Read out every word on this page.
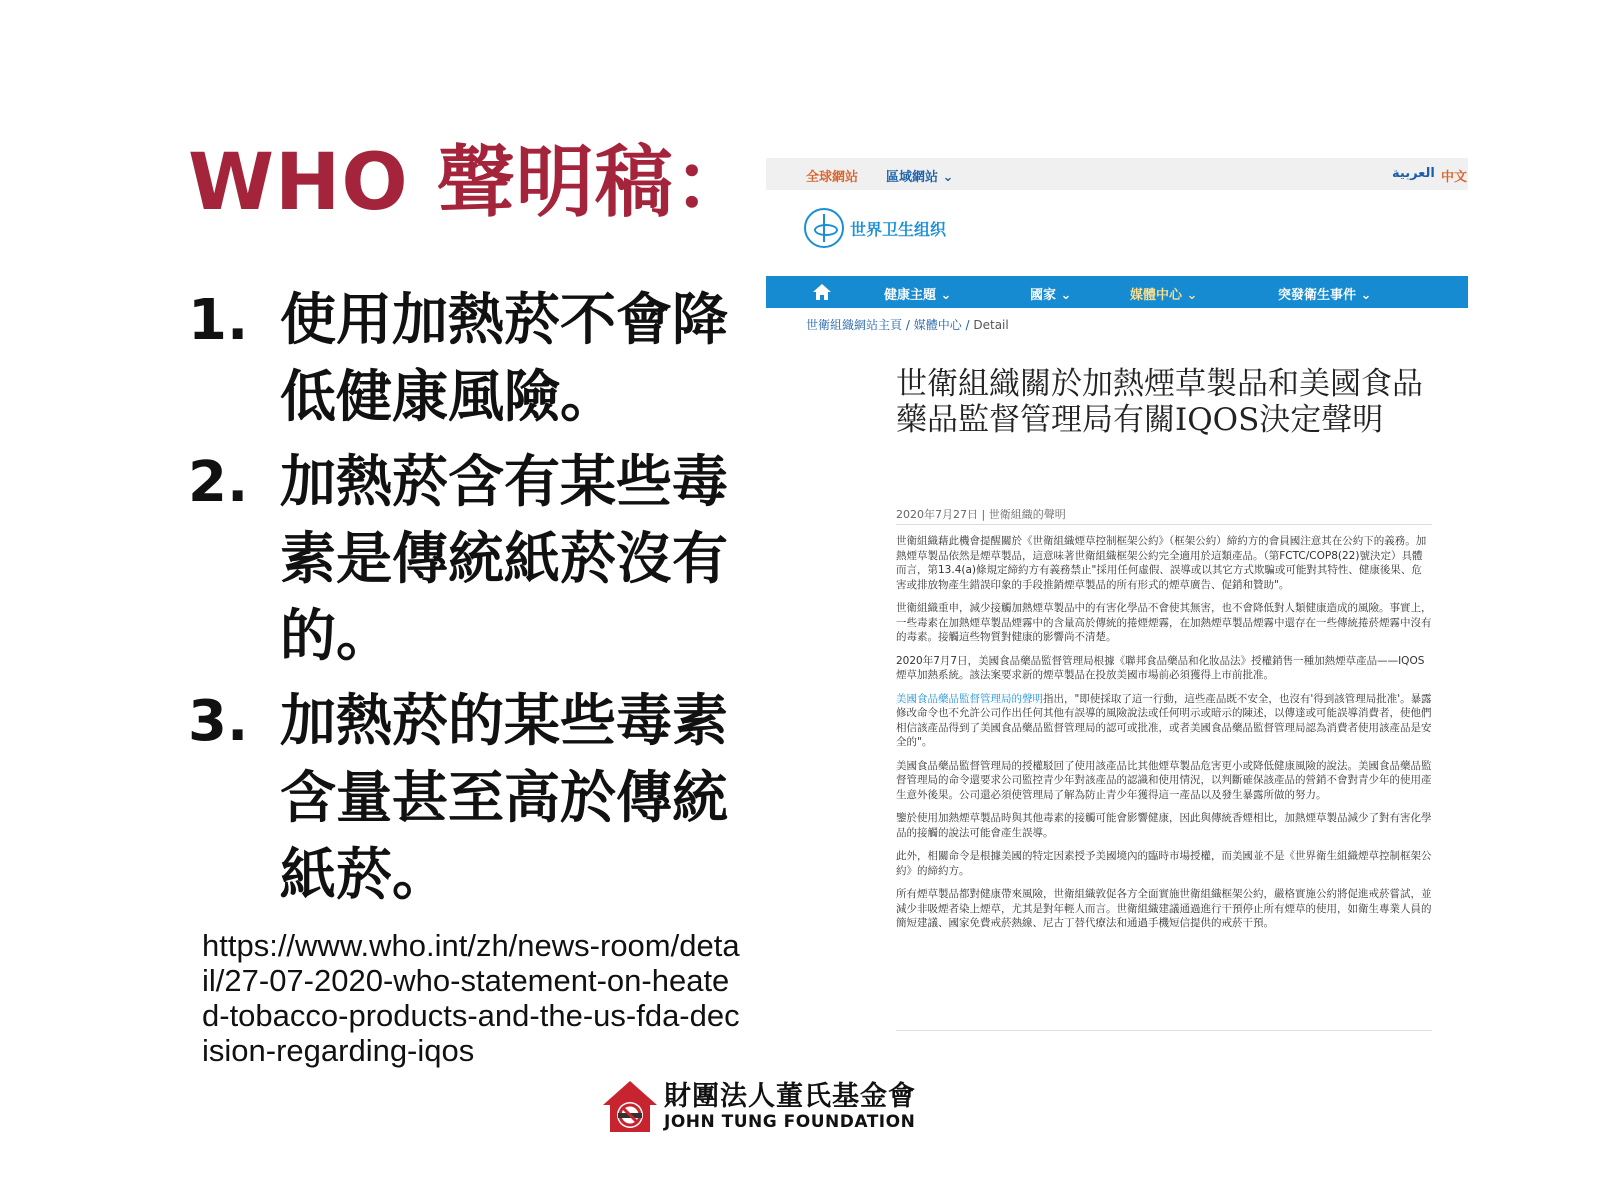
WHO 聲明稿：
1. 使用加熱菸不會降低健康風險。
2. 加熱菸含有某些毒素是傳統紙菸沒有的。
3. 加熱菸的某些毒素含量甚至高於傳統紙菸。
https://www.who.int/zh/news-room/detail/27-07-2020-who-statement-on-heated-tobacco-products-and-the-us-fda-decision-regarding-iqos
全球網站 區域網站 ⌄	العربية 中文
世界卫生组织
健康主題 ⌄	國家 ⌄	媒體中心 ⌄	突發衛生事件 ⌄
世衛組織網站主頁 / 媒體中心 / Detail
世衛組織關於加熱煙草製品和美國食品藥品監督管理局有關IQOS決定聲明
2020年7月27日 | 世衛組織的聲明

世衛組織藉此機會提醒關於《世衛組織煙草控制框架公約》（框架公約）締約方的會員國注意其在公約下的義務。加熱煙草製品依然是煙草製品，這意味著世衛組織框架公約完全適用於這類產品。（第FCTC/COP8(22)號決定）具體而言，第13.4(a)條規定締約方有義務禁止"採用任何虛假、誤導或以其它方式欺騙或可能對其特性、健康後果、危害或排放物產生錯誤印象的手段推銷煙草製品的所有形式的煙草廣告、促銷和贊助"。

世衛組織重申，減少接觸加熱煙草製品中的有害化學品不會使其無害，也不會降低對人類健康造成的風險。事實上，一些毒素在加熱煙草製品煙霧中的含量高於傳統的捲煙煙霧，在加熱煙草製品煙霧中還存在一些傳統捲菸煙霧中沒有的毒素。接觸這些物質對健康的影響尚不清楚。

2020年7月7日，美國食品藥品監督管理局根據《聯邦食品藥品和化妝品法》授權銷售一種加熱煙草產品——IQOS煙草加熱系統。該法案要求新的煙草製品在投放美國市場前必須獲得上市前批准。

美國食品藥品監督管理局的聲明指出，"即使採取了這一行動，這些產品既不安全，也沒有'得到該管理局批准'。暴露修改命令也不允許公司作出任何其他有誤導的風險說法或任何明示或暗示的陳述，以傳達或可能誤導消費者，使他們相信該產品得到了美國食品藥品監督管理局的認可或批准，或者美國食品藥品監督管理局認為消費者使用該產品是安全的"。

美國食品藥品監督管理局的授權駁回了使用該產品比其他煙草製品危害更小或降低健康風險的說法。美國食品藥品監督管理局的命令還要求公司監控青少年對該產品的認識和使用情況，以判斷確保該產品的營銷不會對青少年的使用產生意外後果。公司還必須使管理局了解為防止青少年獲得這一產品以及發生暴露所做的努力。

鑒於使用加熱煙草製品時與其他毒素的接觸可能會影響健康，因此與傳統香煙相比，加熱煙草製品減少了對有害化學品的接觸的說法可能會產生誤導。

此外，相關命令是根據美國的特定因素授予美國境內的臨時市場授權，而美國並不是《世界衛生組織煙草控制框架公約》的締約方。

所有煙草製品都對健康帶來風險，世衛組織敦促各方全面實施世衛組織框架公約，嚴格實施公約將促進戒菸嘗試，並減少非吸煙者染上煙草，尤其是對年輕人而言。世衛組織建議通過進行干預停止所有煙草的使用，如衛生專業人員的簡短建議、國家免費戒菸熱線、尼古丁替代療法和通過手機短信提供的戒菸干預。

財團法人董氏基金會
JOHN TUNG FOUNDATION
